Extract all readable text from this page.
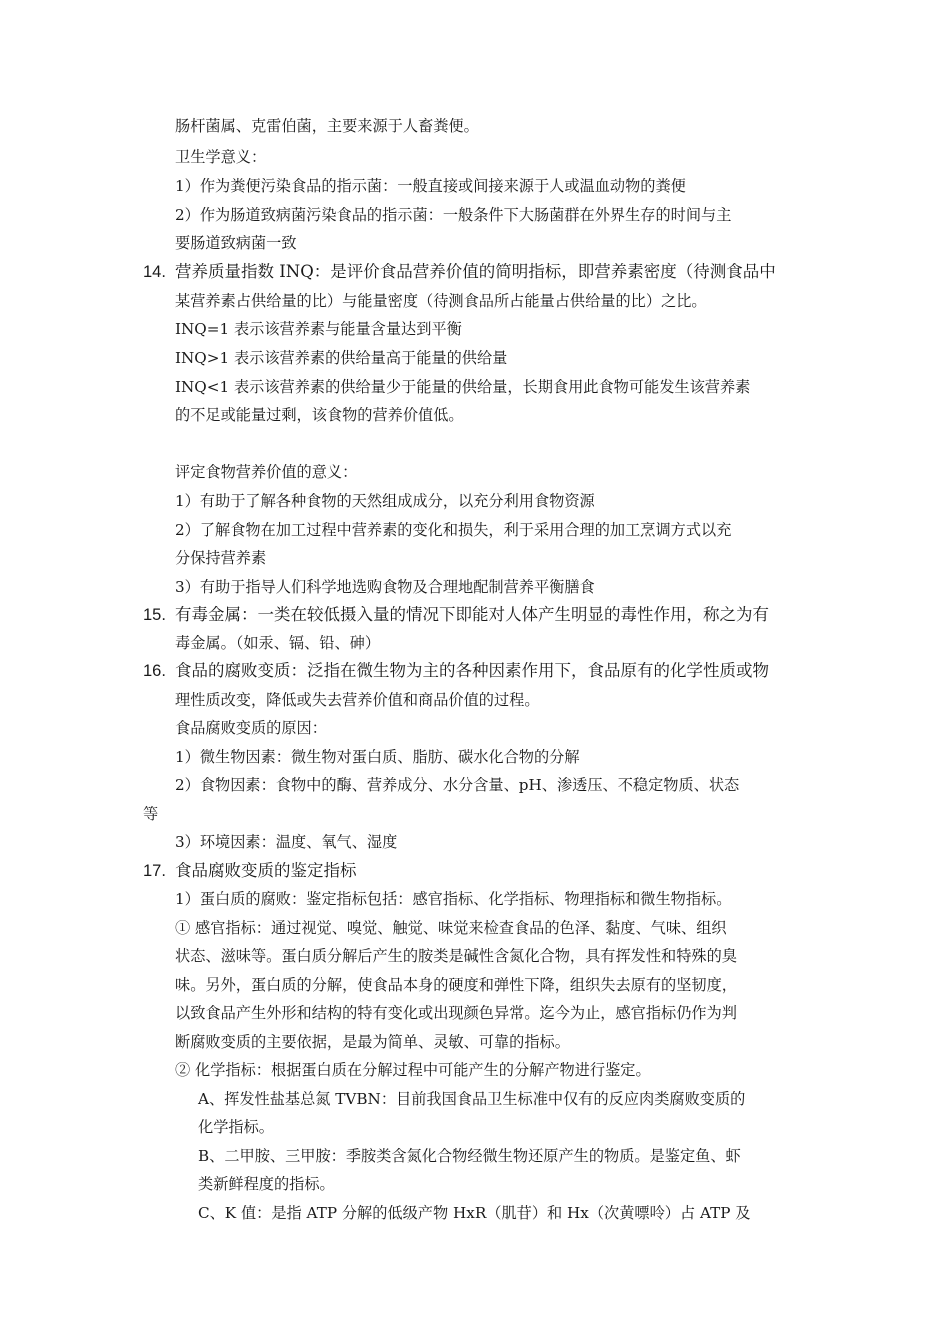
肠杆菌属、克雷伯菌，主要来源于人畜粪便。
卫生学意义：
1）作为粪便污染食品的指示菌：一般直接或间接来源于人或温血动物的粪便
2）作为肠道致病菌污染食品的指示菌：一般条件下大肠菌群在外界生存的时间与主
要肠道致病菌一致
14. 营养质量指数 INQ：是评价食品营养价值的简明指标，即营养素密度（待测食品中
某营养素占供给量的比）与能量密度（待测食品所占能量占供给量的比）之比。
INQ=1 表示该营养素与能量含量达到平衡
INQ>1 表示该营养素的供给量高于能量的供给量
INQ<1 表示该营养素的供给量少于能量的供给量，长期食用此食物可能发生该营养素
的不足或能量过剩，该食物的营养价值低。
评定食物营养价值的意义：
1）有助于了解各种食物的天然组成成分，以充分利用食物资源
2）了解食物在加工过程中营养素的变化和损失，利于采用合理的加工烹调方式以充
分保持营养素
3）有助于指导人们科学地选购食物及合理地配制营养平衡膳食
15. 有毒金属：一类在较低摄入量的情况下即能对人体产生明显的毒性作用，称之为有
毒金属。（如汞、镉、铅、砷）
16. 食品的腐败变质：泛指在微生物为主的各种因素作用下，食品原有的化学性质或物
理性质改变，降低或失去营养价值和商品价值的过程。
食品腐败变质的原因：
1）微生物因素：微生物对蛋白质、脂肪、碳水化合物的分解
2）食物因素：食物中的酶、营养成分、水分含量、pH、渗透压、不稳定物质、状态
等
3）环境因素：温度、氧气、湿度
17. 食品腐败变质的鉴定指标
1）蛋白质的腐败：鉴定指标包括：感官指标、化学指标、物理指标和微生物指标。
① 感官指标：通过视觉、嗅觉、触觉、味觉来检查食品的色泽、黏度、气味、组织
状态、滋味等。蛋白质分解后产生的胺类是碱性含氮化合物，具有挥发性和特殊的臭
味。另外，蛋白质的分解，使食品本身的硬度和弹性下降，组织失去原有的坚韧度，
以致食品产生外形和结构的特有变化或出现颜色异常。迄今为止，感官指标仍作为判
断腐败变质的主要依据，是最为简单、灵敏、可靠的指标。
② 化学指标：根据蛋白质在分解过程中可能产生的分解产物进行鉴定。
A、挥发性盐基总氮 TVBN：目前我国食品卫生标准中仅有的反应肉类腐败变质的
化学指标。
B、二甲胺、三甲胺：季胺类含氮化合物经微生物还原产生的物质。是鉴定鱼、虾
类新鲜程度的指标。
C、K 值：是指 ATP 分解的低级产物 HxR（肌苷）和 Hx（次黄嘌呤）占 ATP 及
